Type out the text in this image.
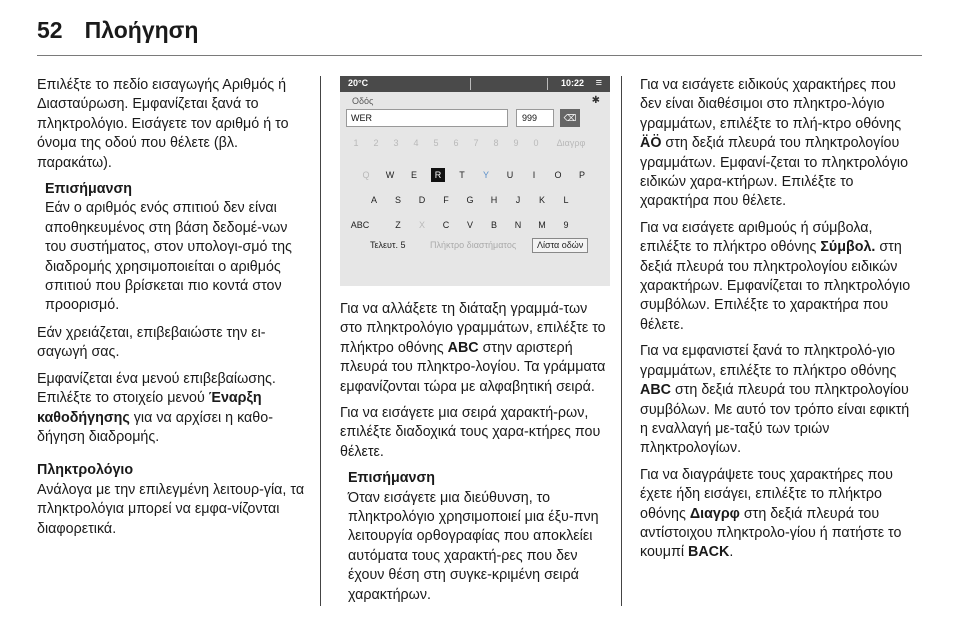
52 Πλοήγηση

Επιλέξτε το πεδίο εισαγωγής Αριθμός ή Διασταύρωση. Εμφανίζεται ξανά το πληκτρολόγιο. Εισάγετε τον αριθμό ή το όνομα της οδού που θέλετε (βλ. παρακάτω).

Επισήμανση
Εάν ο αριθμός ενός σπιτιού δεν είναι αποθηκευμένος στη βάση δεδομέ‐νων του συστήματος, στον υπολογι‐σμό της διαδρομής χρησιμοποιείται ο αριθμός σπιτιού που βρίσκεται πιο κοντά στον προορισμό.

Εάν χρειάζεται, επιβεβαιώστε την ει‐σαγωγή σας.

Εμφανίζεται ένα μενού επιβεβαίωσης. Επιλέξτε το στοιχείο μενού Έναρξη καθοδήγησης για να αρχίσει η καθο‐δήγηση διαδρομής.

Πληκτρολόγιο

Ανάλογα με την επιλεγμένη λειτουρ‐γία, τα πληκτρολόγια μπορεί να εμφα‐νίζονται διαφορετικά.

20°C	10:22 ≡
Οδός	✱
WER	999	⌫
1	2	3	4	5	6	7	8	9	0	Διαγρφ
Q	W	E	R	T	Y	U	I	O	P
A	S	D	F	G	H	J	K	L
ABC	Z	X	C	V	B	N	M	9
Τελευτ. 5	Πλήκτρο διαστήματος	Λίστα οδών

Για να αλλάξετε τη διάταξη γραμμά‐των στο πληκτρολόγιο γραμμάτων, επιλέξτε το πλήκτρο οθόνης ABC στην αριστερή πλευρά του πληκτρο‐λογίου. Τα γράμματα εμφανίζονται τώρα με αλφαβητική σειρά.

Για να εισάγετε μια σειρά χαρακτή‐ρων, επιλέξτε διαδοχικά τους χαρα‐κτήρες που θέλετε.

Επισήμανση
Όταν εισάγετε μια διεύθυνση, το πληκτρολόγιο χρησιμοποιεί μια έξυ‐πνη λειτουργία ορθογραφίας που αποκλείει αυτόματα τους χαρακτή‐ρες που δεν έχουν θέση στη συγκε‐κριμένη σειρά χαρακτήρων.

Για να εισάγετε ειδικούς χαρακτήρες που δεν είναι διαθέσιμοι στο πληκτρο‐λόγιο γραμμάτων, επιλέξτε το πλή‐κτρο οθόνης ÄÖ στη δεξιά πλευρά του πληκτρολογίου γραμμάτων. Εμφανί‐ζεται το πληκτρολόγιο ειδικών χαρα‐κτήρων. Επιλέξτε το χαρακτήρα που θέλετε.

Για να εισάγετε αριθμούς ή σύμβολα, επιλέξτε το πλήκτρο οθόνης Σύμβολ. στη δεξιά πλευρά του πληκτρολογίου ειδικών χαρακτήρων. Εμφανίζεται το πληκτρολόγιο συμβόλων. Επιλέξτε το χαρακτήρα που θέλετε.

Για να εμφανιστεί ξανά το πληκτρολό‐γιο γραμμάτων, επιλέξτε το πλήκτρο οθόνης ABC στη δεξιά πλευρά του πληκτρολογίου συμβόλων. Με αυτό τον τρόπο είναι εφικτή η εναλλαγή με‐ταξύ των τριών πληκτρολογίων.

Για να διαγράψετε τους χαρακτήρες που έχετε ήδη εισάγει, επιλέξτε το πλήκτρο οθόνης Διαγρφ στη δεξιά πλευρά του αντίστοιχου πληκτρολο‐γίου ή πατήστε το κουμπί BACK.
